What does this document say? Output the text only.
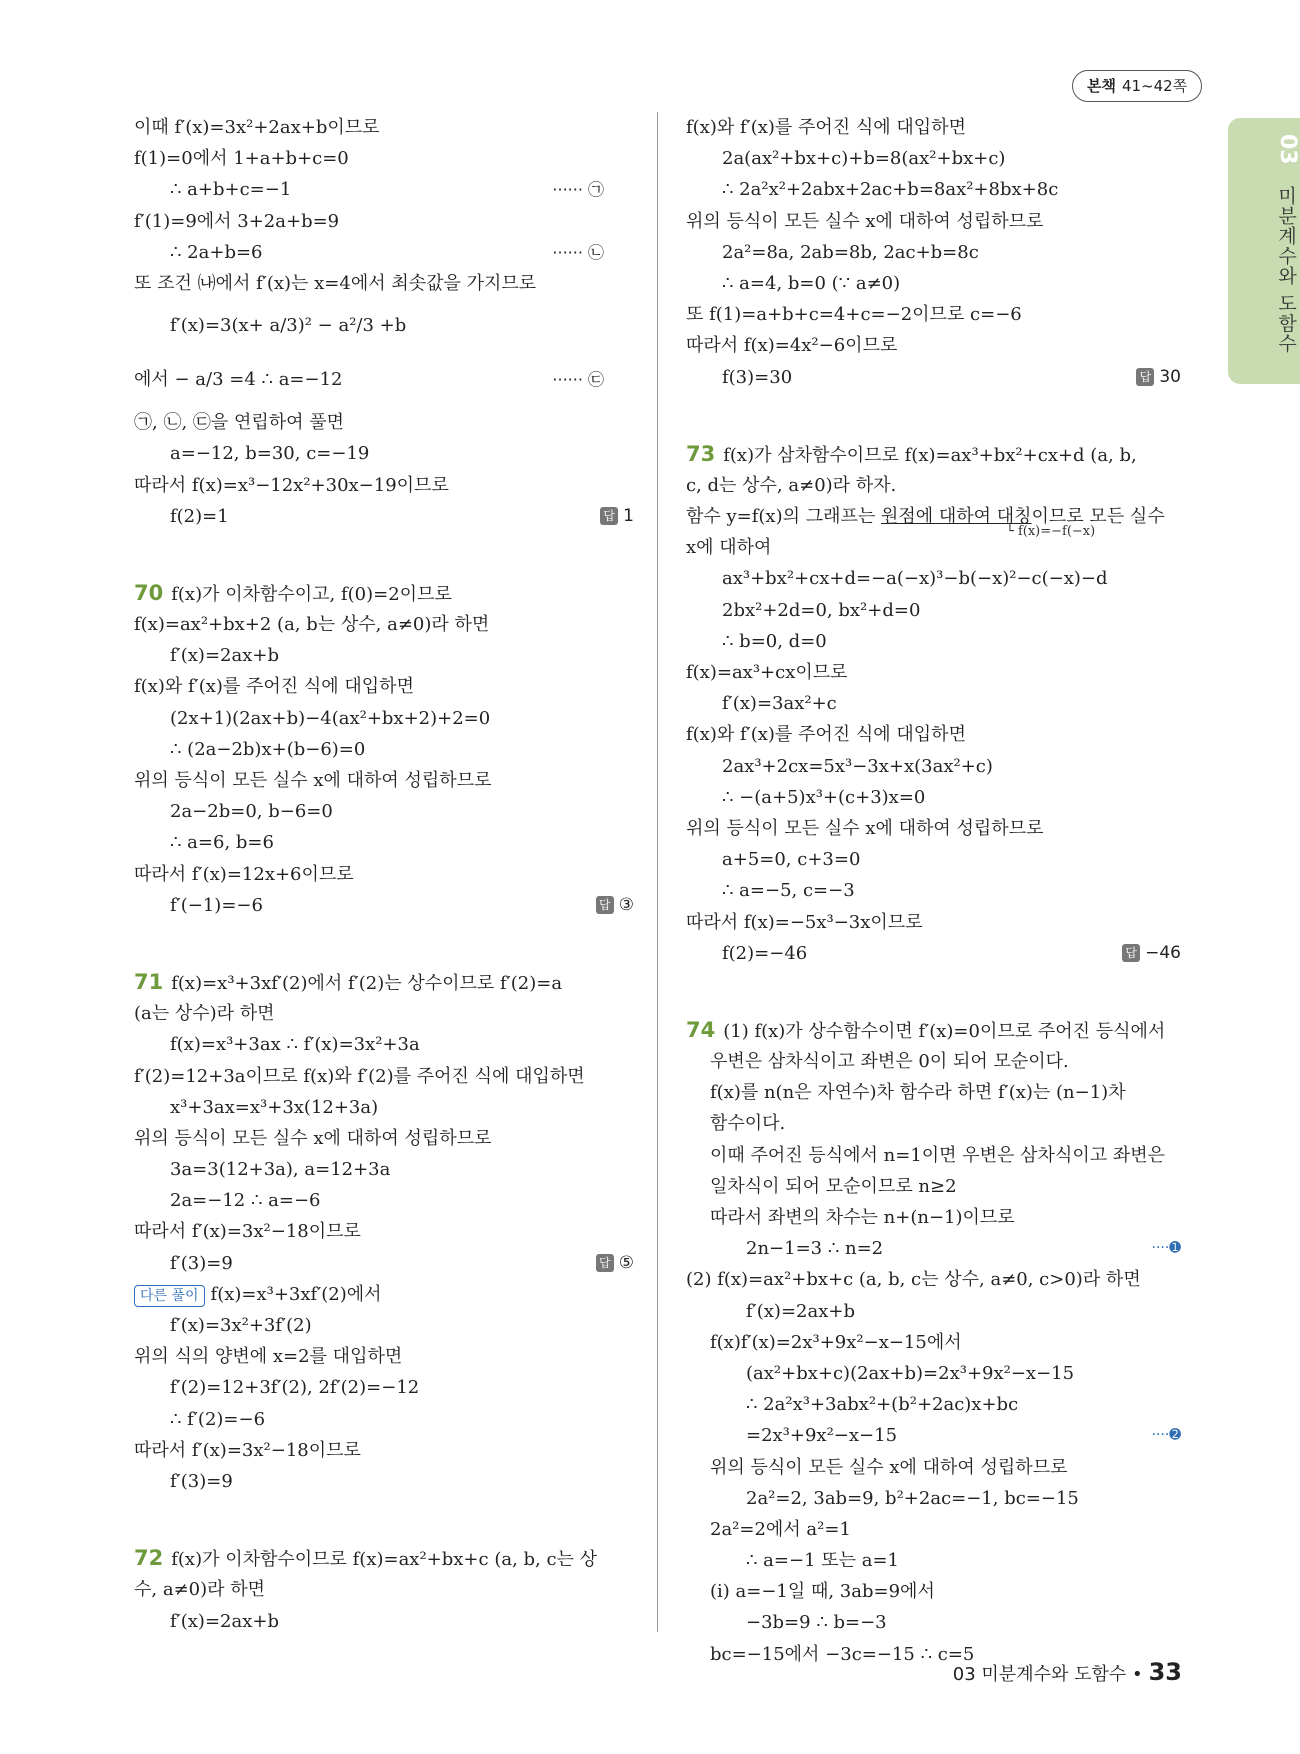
본책 41~42쪽
03
미분계수와 도함수
이때 f′(x)=3x²+2ax+b이므로
f(1)=0에서 1+a+b+c=0
∴ a+b+c=−1	······ ㉠
f′(1)=9에서 3+2a+b=9
∴ 2a+b=6	······ ㉡
또 조건 ㈏에서 f′(x)는 x=4에서 최솟값을 가지므로
f′(x)=3(x+ a/3)² − a²/3 +b
에서 − a/3 =4 ∴ a=−12	······ ㉢
㉠, ㉡, ㉢을 연립하여 풀면
a=−12, b=30, c=−19
따라서 f(x)=x³−12x²+30x−19이므로
f(2)=1	답 1
70 f(x)가 이차함수이고, f(0)=2이므로
f(x)=ax²+bx+2 (a, b는 상수, a≠0)라 하면
f′(x)=2ax+b
f(x)와 f′(x)를 주어진 식에 대입하면
(2x+1)(2ax+b)−4(ax²+bx+2)+2=0
∴ (2a−2b)x+(b−6)=0
위의 등식이 모든 실수 x에 대하여 성립하므로
2a−2b=0, b−6=0
∴ a=6, b=6
따라서 f′(x)=12x+6이므로
f′(−1)=−6	답 ③
71 f(x)=x³+3xf′(2)에서 f′(2)는 상수이므로 f′(2)=a
(a는 상수)라 하면
f(x)=x³+3ax ∴ f′(x)=3x²+3a
f′(2)=12+3a이므로 f(x)와 f′(2)를 주어진 식에 대입하면
x³+3ax=x³+3x(12+3a)
위의 등식이 모든 실수 x에 대하여 성립하므로
3a=3(12+3a), a=12+3a
2a=−12 ∴ a=−6
따라서 f′(x)=3x²−18이므로
f′(3)=9	답 ⑤
다른 풀이 f(x)=x³+3xf′(2)에서
f′(x)=3x²+3f′(2)
위의 식의 양변에 x=2를 대입하면
f′(2)=12+3f′(2), 2f′(2)=−12
∴ f′(2)=−6
따라서 f′(x)=3x²−18이므로
f′(3)=9
72 f(x)가 이차함수이므로 f(x)=ax²+bx+c (a, b, c는 상
수, a≠0)라 하면
f′(x)=2ax+b
f(x)와 f′(x)를 주어진 식에 대입하면
2a(ax²+bx+c)+b=8(ax²+bx+c)
∴ 2a²x²+2abx+2ac+b=8ax²+8bx+8c
위의 등식이 모든 실수 x에 대하여 성립하므로
2a²=8a, 2ab=8b, 2ac+b=8c
∴ a=4, b=0 (∵ a≠0)
또 f(1)=a+b+c=4+c=−2이므로 c=−6
따라서 f(x)=4x²−6이므로
f(3)=30	답 30
73 f(x)가 삼차함수이므로 f(x)=ax³+bx²+cx+d (a, b,
c, d는 상수, a≠0)라 하자.
함수 y=f(x)의 그래프는 원점에 대하여 대칭이므로 모든 실수
└ f(x)=−f(−x)
x에 대하여
ax³+bx²+cx+d=−a(−x)³−b(−x)²−c(−x)−d
2bx²+2d=0, bx²+d=0
∴ b=0, d=0
f(x)=ax³+cx이므로
f′(x)=3ax²+c
f(x)와 f′(x)를 주어진 식에 대입하면
2ax³+2cx=5x³−3x+x(3ax²+c)
∴ −(a+5)x³+(c+3)x=0
위의 등식이 모든 실수 x에 대하여 성립하므로
a+5=0, c+3=0
∴ a=−5, c=−3
따라서 f(x)=−5x³−3x이므로
f(2)=−46	답 −46
74 (1) f(x)가 상수함수이면 f′(x)=0이므로 주어진 등식에서
우변은 삼차식이고 좌변은 0이 되어 모순이다.
f(x)를 n(n은 자연수)차 함수라 하면 f′(x)는 (n−1)차
함수이다.
이때 주어진 등식에서 n=1이면 우변은 삼차식이고 좌변은
일차식이 되어 모순이므로 n≥2
따라서 좌변의 차수는 n+(n−1)이므로
2n−1=3 ∴ n=2	····➊
(2) f(x)=ax²+bx+c (a, b, c는 상수, a≠0, c>0)라 하면
f′(x)=2ax+b
f(x)f′(x)=2x³+9x²−x−15에서
(ax²+bx+c)(2ax+b)=2x³+9x²−x−15
∴ 2a²x³+3abx²+(b²+2ac)x+bc
=2x³+9x²−x−15	····➋
위의 등식이 모든 실수 x에 대하여 성립하므로
2a²=2, 3ab=9, b²+2ac=−1, bc=−15
2a²=2에서 a²=1
∴ a=−1 또는 a=1
(i) a=−1일 때, 3ab=9에서
−3b=9 ∴ b=−3
bc=−15에서 −3c=−15 ∴ c=5
03 미분계수와 도함수 • 33
